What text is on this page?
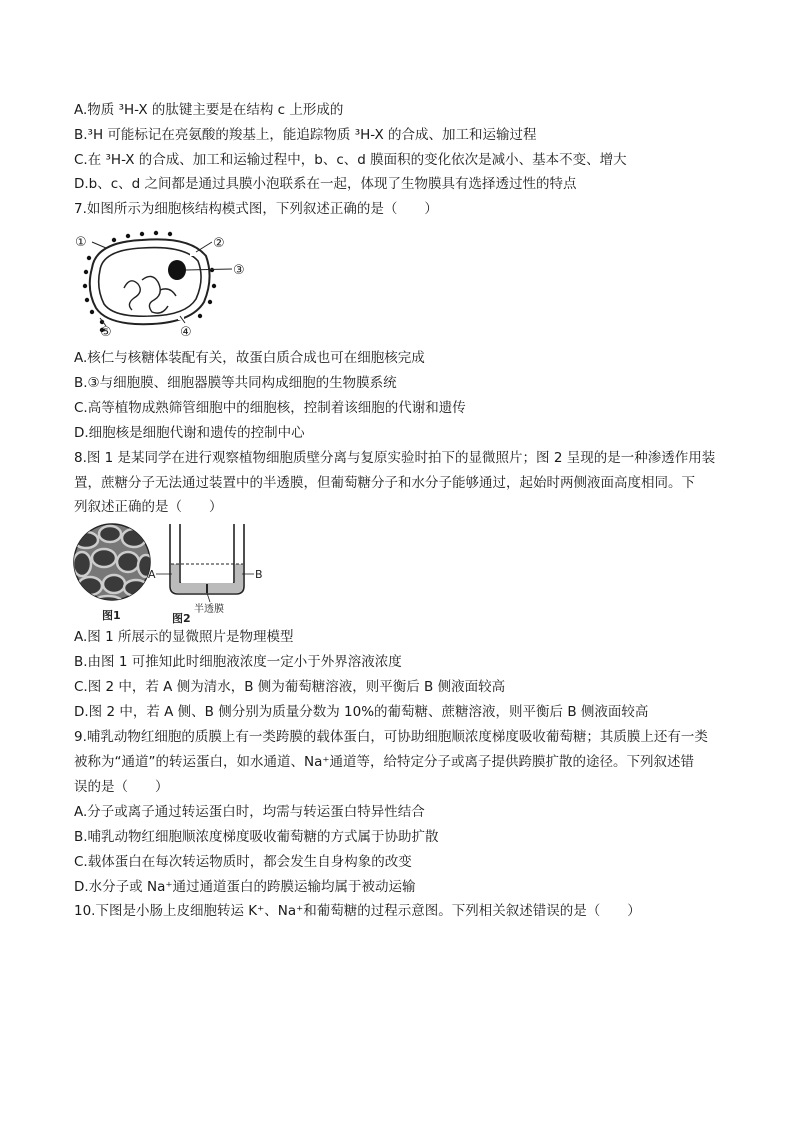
A.物质 ³H-X 的肽键主要是在结构 c 上形成的
B.³H 可能标记在亮氨酸的羧基上，能追踪物质 ³H-X 的合成、加工和运输过程
C.在 ³H-X 的合成、加工和运输过程中，b、c、d 膜面积的变化依次是减小、基本不变、增大
D.b、c、d 之间都是通过具膜小泡联系在一起，体现了生物膜具有选择透过性的特点
7.如图所示为细胞核结构模式图，下列叙述正确的是（　　）
①	②
③
④
⑤
A.核仁与核糖体装配有关，故蛋白质合成也可在细胞核完成
B.③与细胞膜、细胞器膜等共同构成细胞的生物膜系统
C.高等植物成熟筛管细胞中的细胞核，控制着该细胞的代谢和遗传
D.细胞核是细胞代谢和遗传的控制中心
8.图 1 是某同学在进行观察植物细胞质壁分离与复原实验时拍下的显微照片；图 2 呈现的是一种渗透作用装
置，蔗糖分子无法通过装置中的半透膜，但葡萄糖分子和水分子能够通过，起始时两侧液面高度相同。下
列叙述正确的是（　　）
图1
A	B
半透膜
图2
A.图 1 所展示的显微照片是物理模型
B.由图 1 可推知此时细胞液浓度一定小于外界溶液浓度
C.图 2 中，若 A 侧为清水，B 侧为葡萄糖溶液，则平衡后 B 侧液面较高
D.图 2 中，若 A 侧、B 侧分别为质量分数为 10%的葡萄糖、蔗糖溶液，则平衡后 B 侧液面较高
9.哺乳动物红细胞的质膜上有一类跨膜的载体蛋白，可协助细胞顺浓度梯度吸收葡萄糖；其质膜上还有一类
被称为“通道”的转运蛋白，如水通道、Na⁺通道等，给特定分子或离子提供跨膜扩散的途径。下列叙述错
误的是（　　）
A.分子或离子通过转运蛋白时，均需与转运蛋白特异性结合
B.哺乳动物红细胞顺浓度梯度吸收葡萄糖的方式属于协助扩散
C.载体蛋白在每次转运物质时，都会发生自身构象的改变
D.水分子或 Na⁺通过通道蛋白的跨膜运输均属于被动运输
10.下图是小肠上皮细胞转运 K⁺、Na⁺和葡萄糖的过程示意图。下列相关叙述错误的是（　　）
